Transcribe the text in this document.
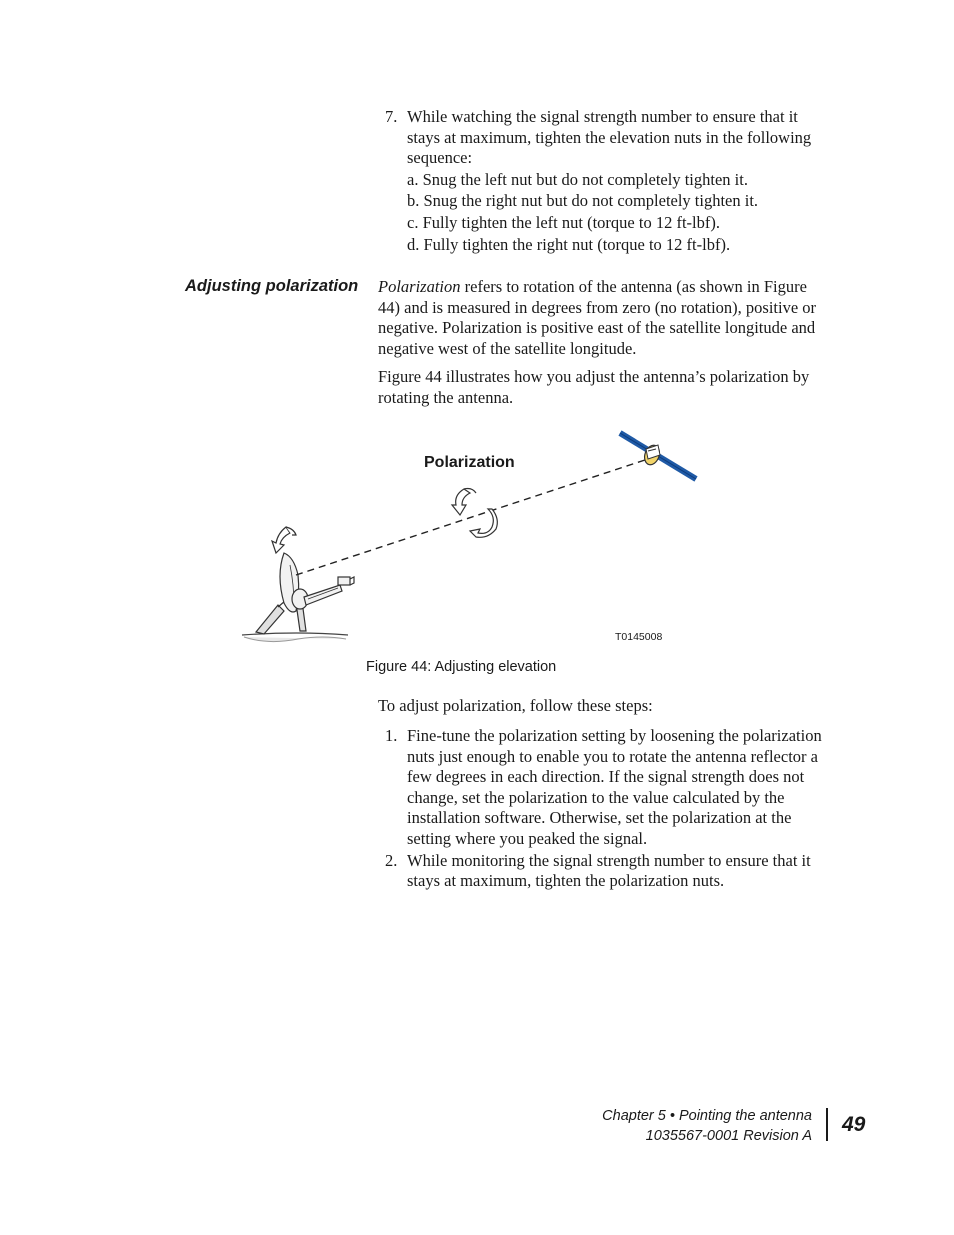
7. While watching the signal strength number to ensure that it stays at maximum, tighten the elevation nuts in the following sequence:
a. Snug the left nut but do not completely tighten it.
b. Snug the right nut but do not completely tighten it.
c. Fully tighten the left nut (torque to 12 ft-lbf).
d. Fully tighten the right nut (torque to 12 ft-lbf).
Adjusting polarization Polarization refers to rotation of the antenna (as shown in Figure 44) and is measured in degrees from zero (no rotation), positive or negative. Polarization is positive east of the satellite longitude and negative west of the satellite longitude.
Figure 44 illustrates how you adjust the antenna’s polarization by rotating the antenna.
Polarization
T0145008
Figure 44: Adjusting elevation
To adjust polarization, follow these steps:
1. Fine-tune the polarization setting by loosening the polarization nuts just enough to enable you to rotate the antenna reflector a few degrees in each direction. If the signal strength does not change, set the polarization to the value calculated by the installation software. Otherwise, set the polarization at the setting where you peaked the signal.
2. While monitoring the signal strength number to ensure that it stays at maximum, tighten the polarization nuts.
Chapter 5 • Pointing the antenna
1035567-0001 Revision A 49
